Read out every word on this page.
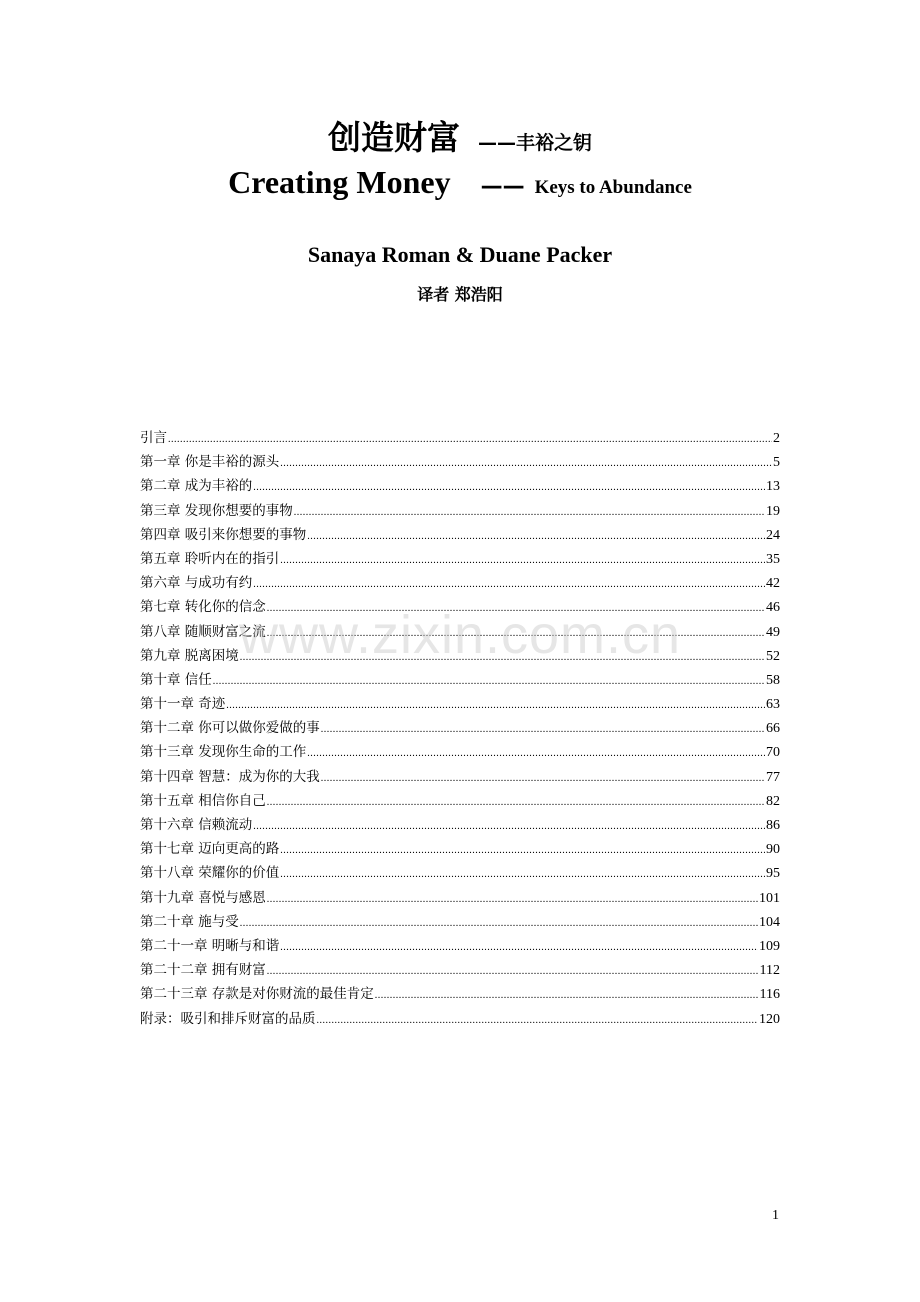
创造财富 ——丰裕之钥
Creating Money —— Keys to Abundance
Sanaya Roman & Duane Packer
译者 郑浩阳
引言 .....	2
第一章 你是丰裕的源头 .....	5
第二章 成为丰裕的 .....	13
第三章 发现你想要的事物 .....	19
第四章 吸引来你想要的事物 .....	24
第五章 聆听内在的指引 .....	35
第六章 与成功有约 .....	42
第七章 转化你的信念 .....	46
第八章 随顺财富之流 .....	49
第九章 脱离困境 .....	52
第十章 信任 .....	58
第十一章 奇迹 .....	63
第十二章 你可以做你爱做的事 .....	66
第十三章 发现你生命的工作 .....	70
第十四章 智慧：成为你的大我 .....	77
第十五章 相信你自己 .....	82
第十六章 信赖流动 .....	86
第十七章 迈向更高的路 .....	90
第十八章 荣耀你的价值 .....	95
第十九章 喜悦与感恩 .....	101
第二十章 施与受 .....	104
第二十一章 明晰与和谐 .....	109
第二十二章 拥有财富 .....	112
第二十三章 存款是对你财流的最佳肯定 .....	116
附录：吸引和排斥财富的品质 .....	120
www.zixin.com.cn
1
